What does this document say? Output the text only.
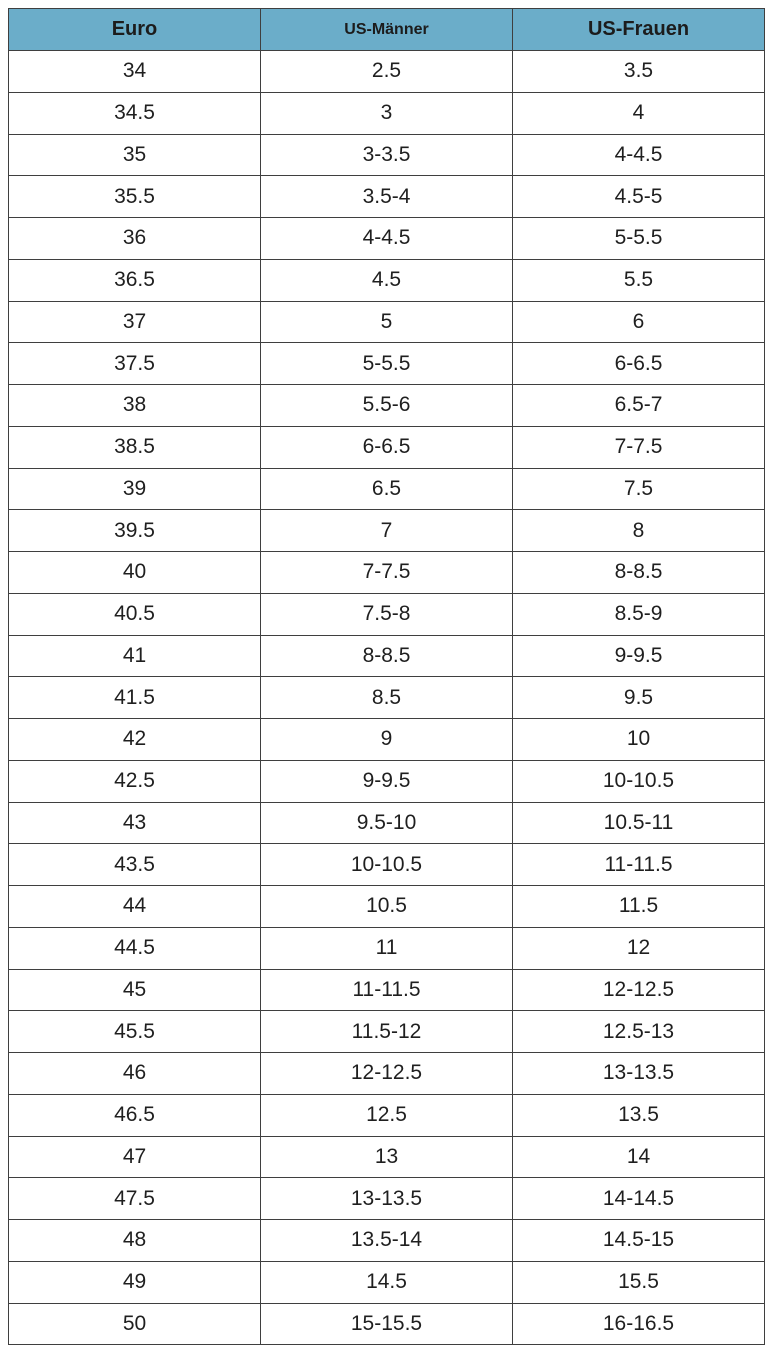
Euro	US-Männer	US-Frauen
34	2.5	3.5
34.5	3	4
35	3-3.5	4-4.5
35.5	3.5-4	4.5-5
36	4-4.5	5-5.5
36.5	4.5	5.5
37	5	6
37.5	5-5.5	6-6.5
38	5.5-6	6.5-7
38.5	6-6.5	7-7.5
39	6.5	7.5
39.5	7	8
40	7-7.5	8-8.5
40.5	7.5-8	8.5-9
41	8-8.5	9-9.5
41.5	8.5	9.5
42	9	10
42.5	9-9.5	10-10.5
43	9.5-10	10.5-11
43.5	10-10.5	11-11.5
44	10.5	11.5
44.5	11	12
45	11-11.5	12-12.5
45.5	11.5-12	12.5-13
46	12-12.5	13-13.5
46.5	12.5	13.5
47	13	14
47.5	13-13.5	14-14.5
48	13.5-14	14.5-15
49	14.5	15.5
50	15-15.5	16-16.5
